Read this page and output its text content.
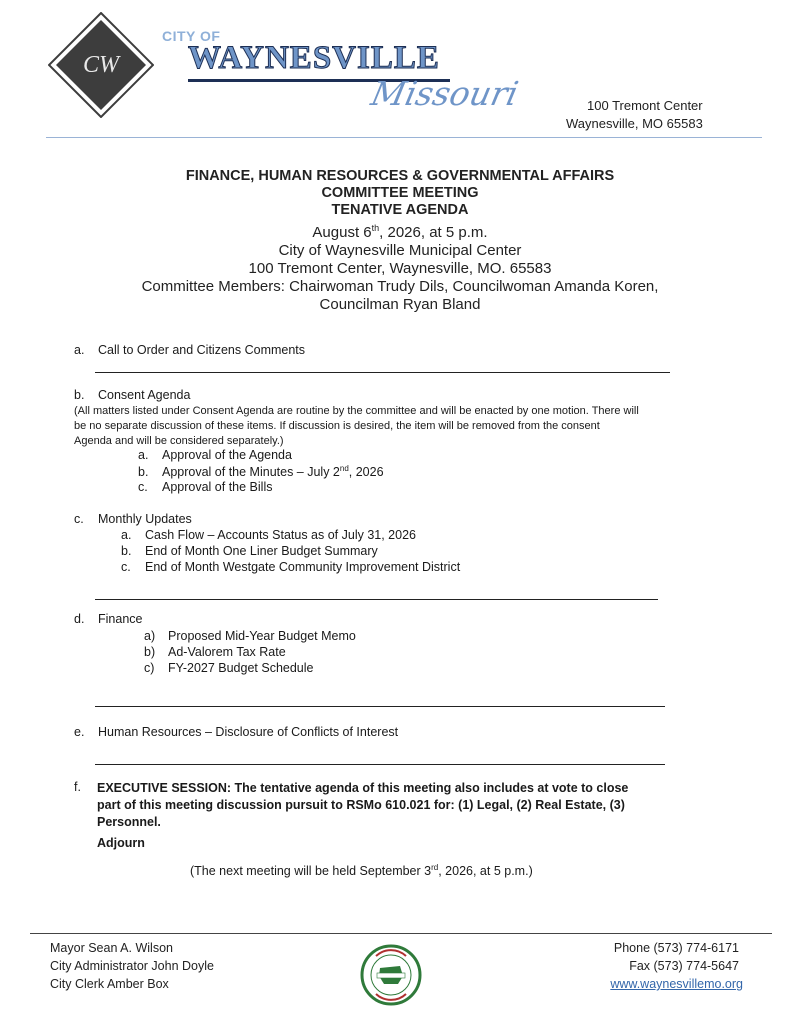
CW
CITY OF
WAYNESVILLE
Missouri	100 Tremont Center
Waynesville, MO 65583
FINANCE, HUMAN RESOURCES & GOVERNMENTAL AFFAIRS
COMMITTEE MEETING
TENATIVE AGENDA
August 6th, 2026, at 5 p.m.
City of Waynesville Municipal Center
100 Tremont Center, Waynesville, MO. 65583
Committee Members: Chairwoman Trudy Dils, Councilwoman Amanda Koren,
Councilman Ryan Bland
a. Call to Order and Citizens Comments
b. Consent Agenda
(All matters listed under Consent Agenda are routine by the committee and will be enacted by one motion. There will
be no separate discussion of these items. If discussion is desired, the item will be removed from the consent
Agenda and will be considered separately.)
a. Approval of the Agenda
b. Approval of the Minutes – July 2nd, 2026
c. Approval of the Bills
c. Monthly Updates
a. Cash Flow – Accounts Status as of July 31, 2026
b. End of Month One Liner Budget Summary
c. End of Month Westgate Community Improvement District
d. Finance
a) Proposed Mid-Year Budget Memo
b) Ad-Valorem Tax Rate
c) FY-2027 Budget Schedule
e. Human Resources – Disclosure of Conflicts of Interest
f. EXECUTIVE SESSION: The tentative agenda of this meeting also includes at vote to close
part of this meeting discussion pursuit to RSMo 610.021 for: (1) Legal, (2) Real Estate, (3)
Personnel.
Adjourn
(The next meeting will be held September 3rd, 2026, at 5 p.m.)
Mayor Sean A. Wilson
City Administrator John Doyle
City Clerk Amber Box
Phone (573) 774-6171
Fax (573) 774-5647
www.waynesvillemo.org
